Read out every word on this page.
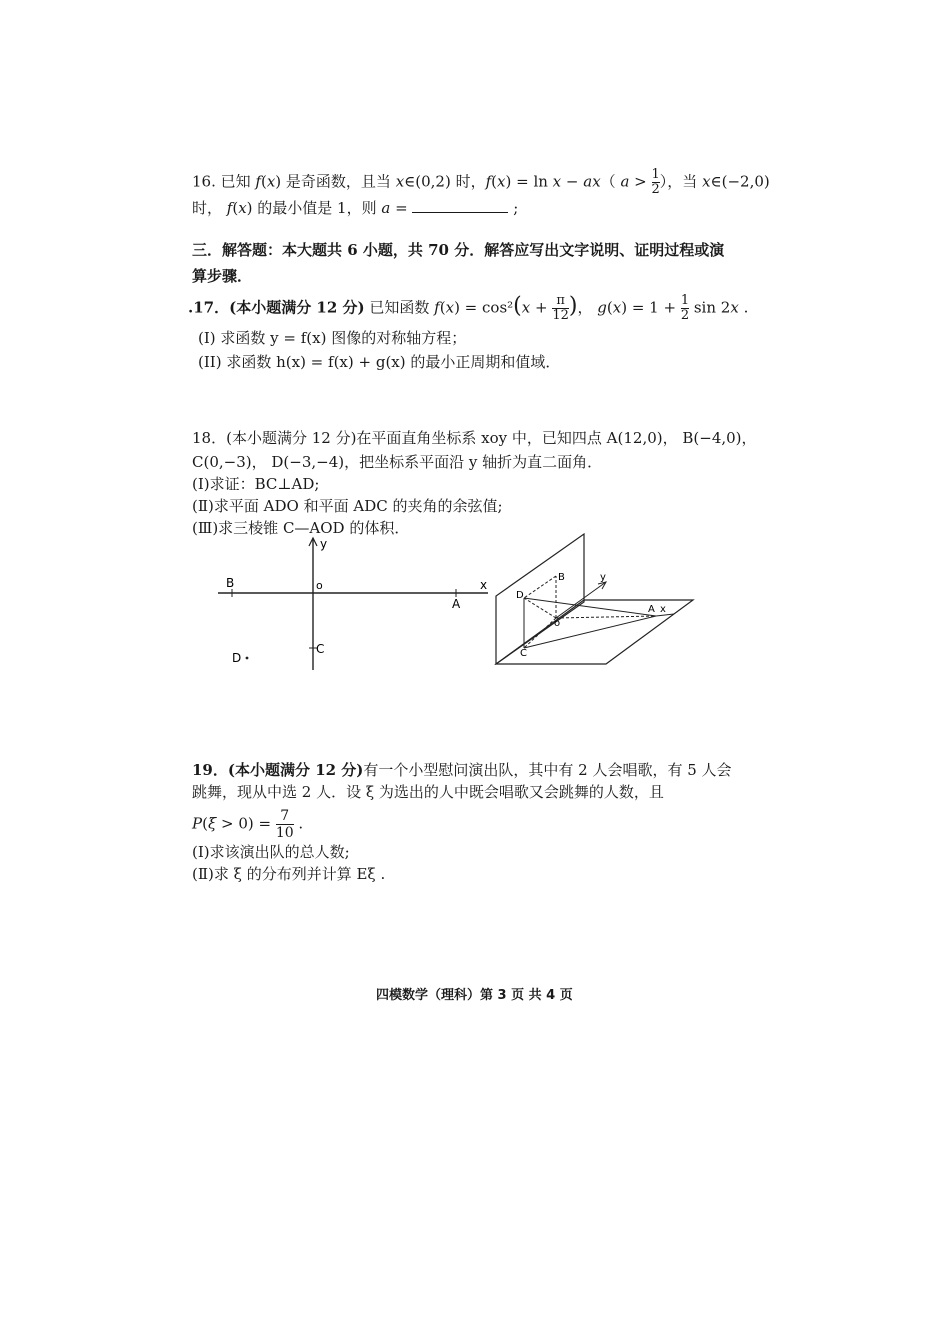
16. 已知 f(x) 是奇函数，且当 x∈(0,2) 时，f(x) = ln x − ax（ $a > \frac{1}{2}$ ），当 x∈(−2,0)
时， f(x) 的最小值是 1，则 a =	;
三．解答题：本大题共 6 小题，共 70 分．解答应写出文字说明、证明过程或演
算步骤．
.17．(本小题满分 12 分) 已知函数 $f(x) = \cos^2(x + \frac{\pi}{12}$ )， $g(x) = 1 + \frac{1}{2}$ sin 2x .
(I) 求函数 y = f(x) 图像的对称轴方程；
(II) 求函数 h(x) = f(x) + g(x) 的最小正周期和值域．
18．(本小题满分 12 分)在平面直角坐标系 xoy 中，已知四点 A(12,0)， B(−4,0)，
C(0,−3)， D(−3,−4)，把坐标系平面沿 y 轴折为直二面角．
(Ⅰ)求证：BC⊥AD;
(Ⅱ)求平面 ADO 和平面 ADC 的夹角的余弦值;
(Ⅲ)求三棱锥 C—AOD 的体积．
y
x
o
B
A
C
D
B	y
D
o
A x
C
19．(本小题满分 12 分)有一个小型慰问演出队，其中有 2 人会唱歌，有 5 人会
跳舞，现从中选 2 人．设 ξ 为选出的人中既会唱歌又会跳舞的人数，且
$P(\xi > 0) = \frac{7}{10}$ .
(Ⅰ)求该演出队的总人数;
(Ⅱ)求 ξ 的分布列并计算 Eξ .
四模数学（理科）第 3 页 共 4 页
